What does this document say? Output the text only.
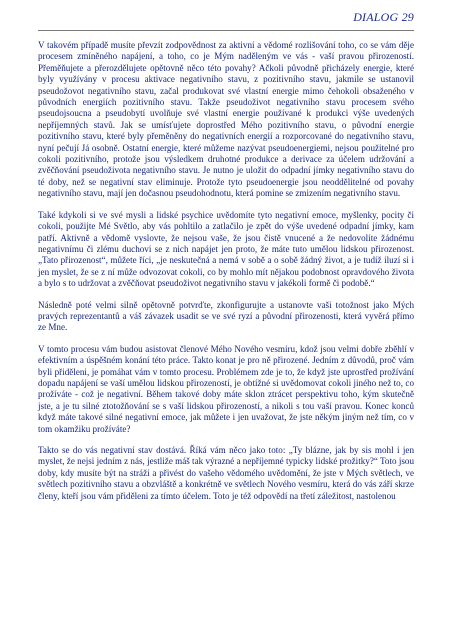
DIALOG 29

V takovém případě musíte převzít zodpovědnost za aktivní a vědomé rozlišování toho, co se vám děje procesem zmíněného napájení, a toho, co je Mým naděleným ve vás - vaší pravou přirozeností. Přeměňujete a přerozdělujete opětovně něco této povahy? Ačkoli původně přicházely energie, které byly využívány v procesu aktivace negativního stavu, z pozitivního stavu, jakmile se ustanovil pseudožovot negativního stavu, začal produkovat své vlastní energie mimo čehokoli obsaženého v původních energiích pozitivního stavu. Takže pseudoživot negativního stavu procesem svého pseudojsoucna a pseudobytí uvolňuje své vlastní energie používané k produkci výše uvedených nepříjemných stavů. Jak se umísťujete doprostřed Mého pozitivního stavu, o původní energie pozitivního stavu, které byly přeměněny do negativních energií a rozporcované do negativního stavu, nyní pečují Já osobně. Ostatní energie, které můžeme nazývat pseudoenergiemi, nejsou použitelné pro cokoli pozitivního, protože jsou výsledkem druhotné produkce a derivace za účelem udržování a zvěčňování pseudoživota negativního stavu. Je nutno je uložit do odpadní jímky negativního stavu do té doby, než se negativní stav eliminuje. Protože tyto pseudoenergie jsou neoddělitelné od povahy negativního stavu, mají jen dočasnou pseudohodnotu, která pomine se zmizením negativního stavu.

Také kdykoli si ve své mysli a lidské psychice uvědomíte tyto negativní emoce, myšlenky, pocity či cokoli, použijte Mé Světlo, aby vás pohltilo a zatlačilo je zpět do výše uvedené odpadní jímky, kam patří. Aktivně a vědomě vyslovte, že nejsou vaše, že jsou čistě vnucené a že nedovolíte žádnému negativnímu či zlému duchovi se z nich napájet jen proto, že máte tuto umělou lidskou přirozenost. „Tato přirozenost“, můžete říci, „je neskutečná a nemá v sobě a o sobě žádný život, a je tudíž iluzí si i jen myslet, že se z ní může odvozovat cokoli, co by mohlo mít nějakou podobnost opravdového života a bylo s to udržovat a zvěčňovat pseudoživot negativního stavu v jakékoli formě či podobě.“

Následně poté velmi silně opětovně potvrďte, zkonfigurujte a ustanovte vaši totožnost jako Mých pravých reprezentantů a váš závazek usadit se ve své ryzí a původní přirozenosti, která vyvěrá přímo ze Mne.

V tomto procesu vám budou asistovat členové Mého Nového vesmíru, kdož jsou velmi dobře zběhlí v efektivním a úspěšném konání této práce. Takto konat je pro ně přirozené. Jedním z důvodů, proč vám byli přiděleni, je pomáhat vám v tomto procesu. Problémem zde je to, že když jste uprostřed prožívání dopadu napájení se vaší umělou lidskou přirozeností, je obtížné si uvědomovat cokoli jiného než to, co prožíváte - což je negativní. Během takové doby máte sklon ztrácet perspektivu toho, kým skutečně jste, a je tu silné ztotožňování se s vaší lidskou přirozeností, a nikoli s tou vaší pravou. Konec konců když máte takové silné negativní emoce, jak můžete i jen uvažovat, že jste někým jiným než tím, co v tom okamžiku prožíváte?

Takto se do vás negativní stav dostává. Říká vám něco jako toto: „Ty blázne, jak by sis mohl i jen myslet, že nejsi jedním z nás, jestliže máš tak výrazné a nepříjemné typicky lidské prožitky?“ Toto jsou doby, kdy musíte být na stráži a přivést do vašeho vědomého uvědomění, že jste v Mých světlech, ve světlech pozitivního stavu a obzvláště a konkrétně ve světlech Nového vesmíru, která do vás září skrze členy, kteří jsou vám přiděleni za tímto účelem. Toto je též odpovědí na třetí záležitost, nastolenou
